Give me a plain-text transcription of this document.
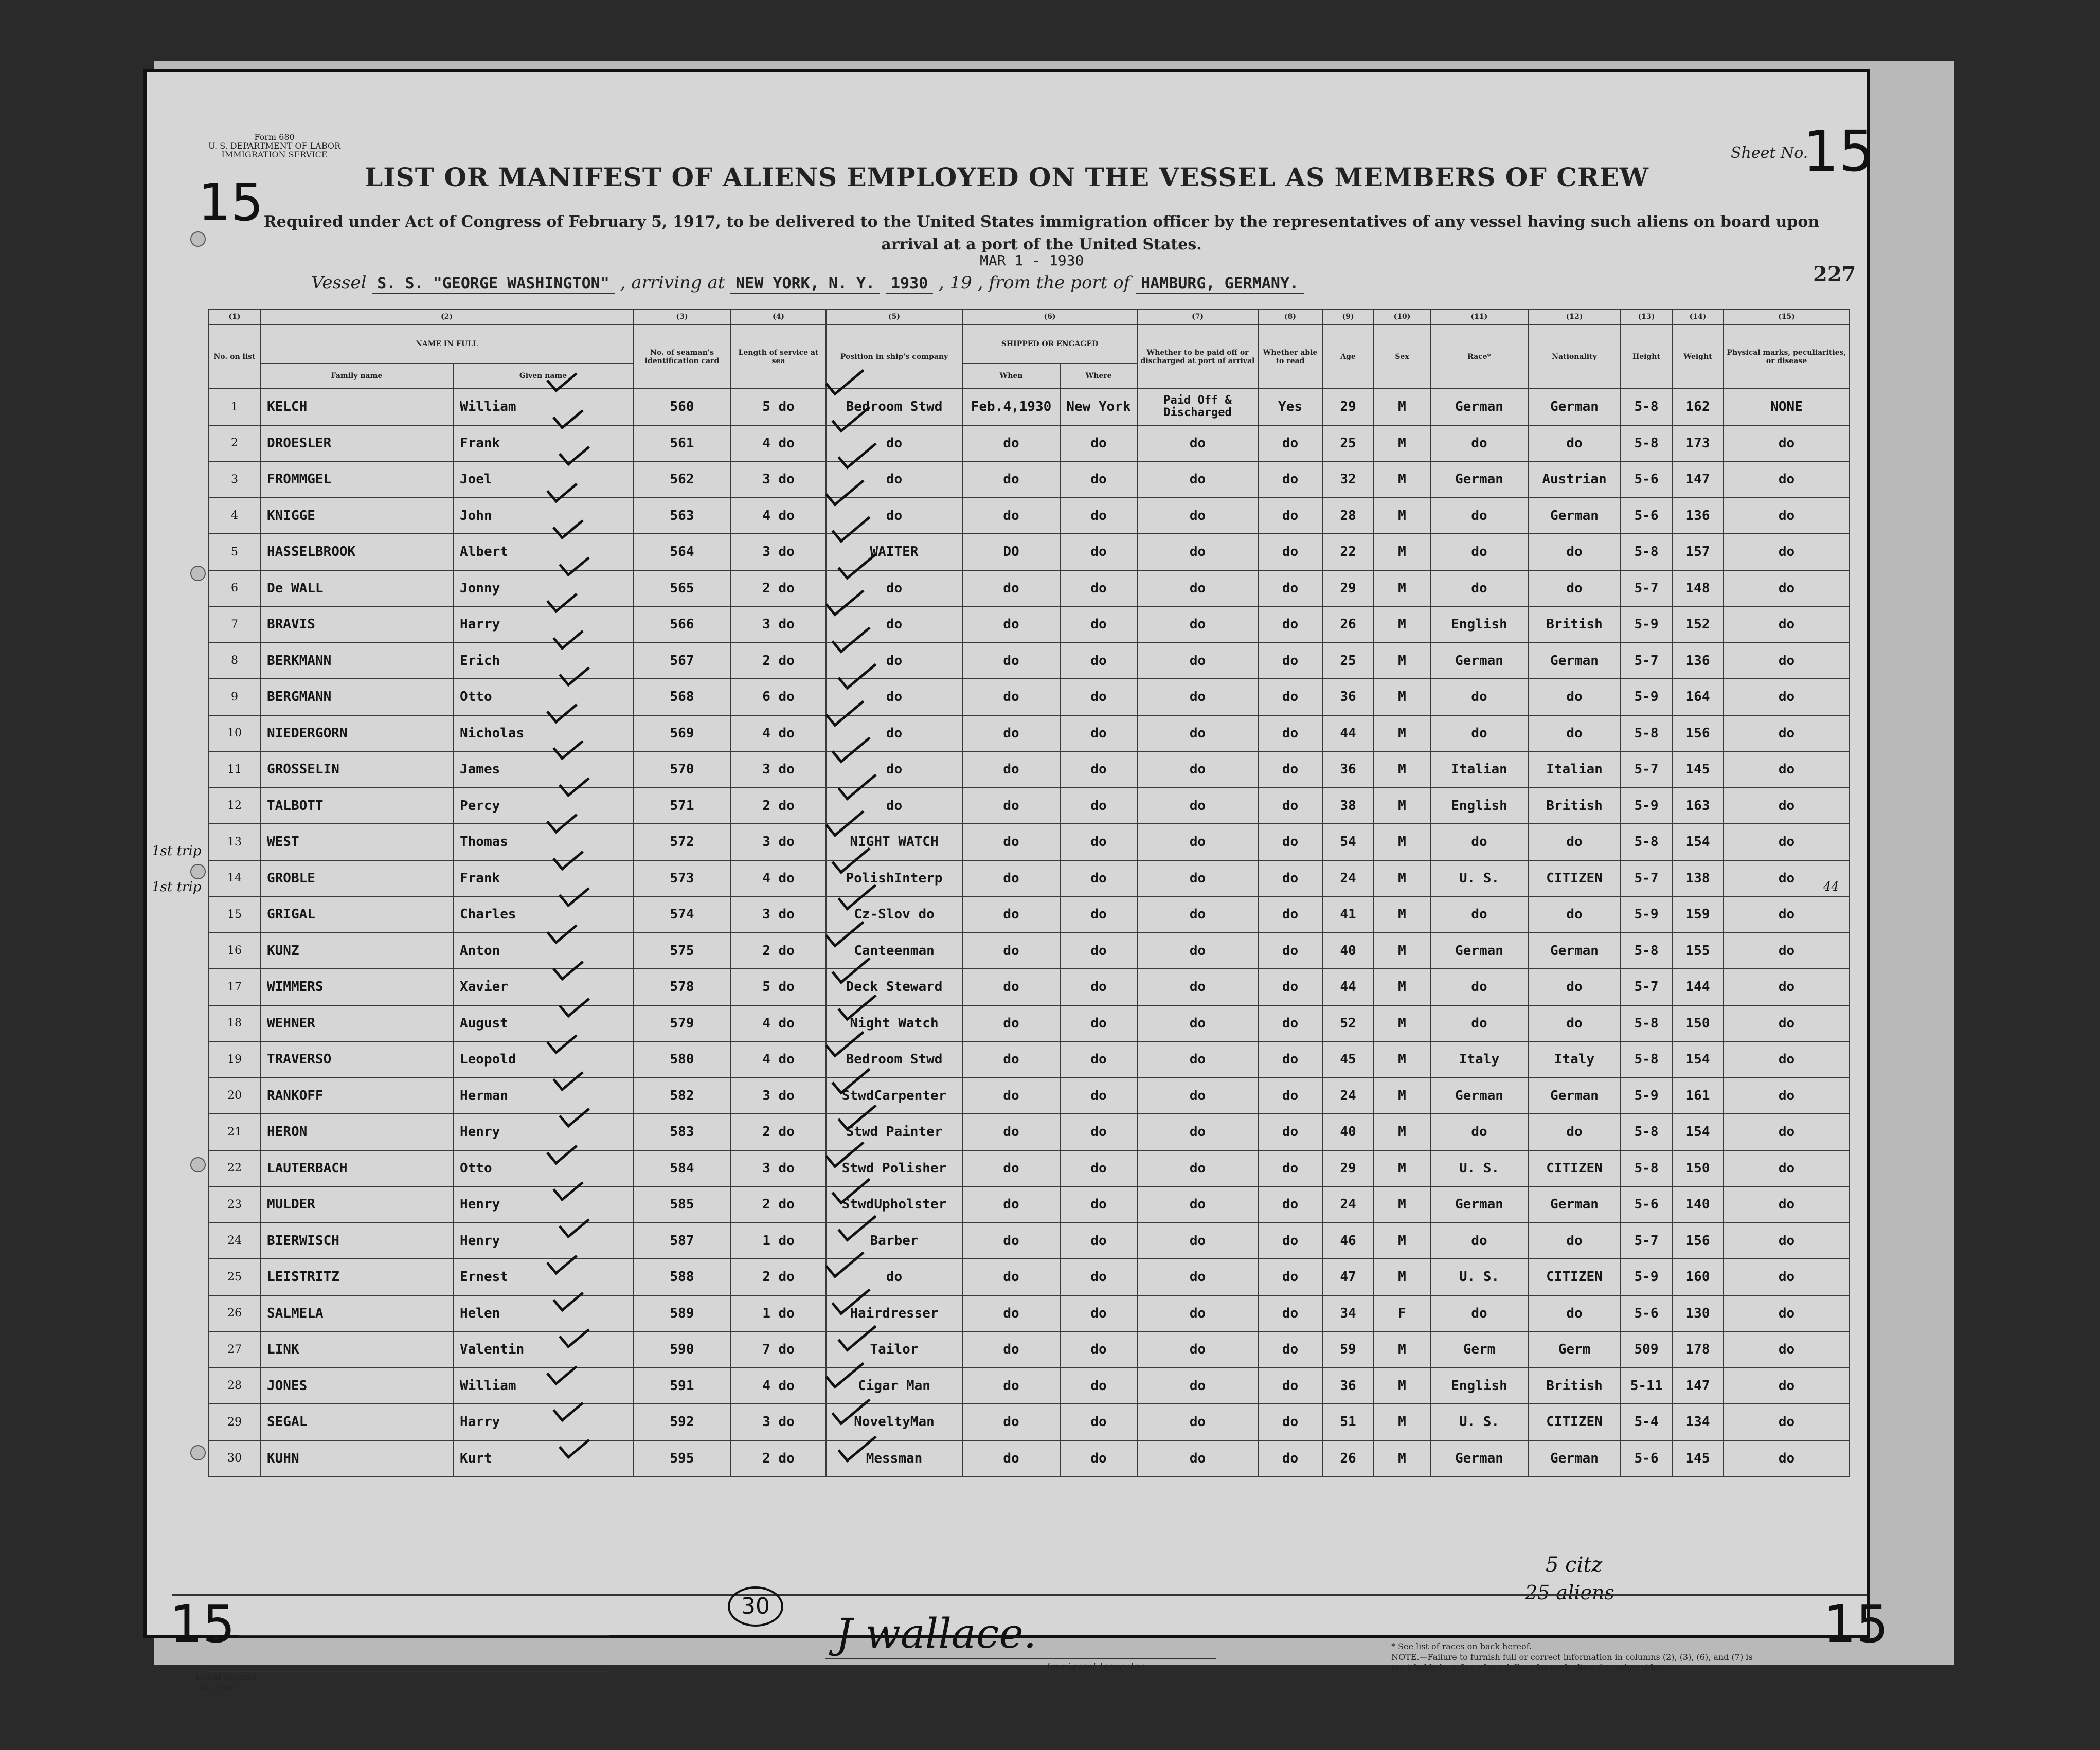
Form 680
U. S. DEPARTMENT OF LABOR
IMMIGRATION SERVICE
15	LIST OR MANIFEST OF ALIENS EMPLOYED ON THE VESSEL AS MEMBERS OF CREW
Required under Act of Congress of February 5, 1917, to be delivered to the United States immigration officer by the representatives of any vessel having such aliens on board upon arrival at a port of the United States.
Sheet No.
15
MAR 1 - 1930
Vessel S. S. "GEORGE WASHINGTON" , arriving at NEW YORK, N. Y. 1930 , 19 , from the port of HAMBURG, GERMANY.	227
(1)	(2)		(3)	(4)	(5)	(6)		(7)	(8)	(9)	(10)	(11)	(12)	(13)	(14)	(15)
No. on list	NAME IN FULL		No. of seaman's identification card	Length of service at sea	Position in ship's company	SHIPPED OR ENGAGED		Whether to be paid off or discharged at port of arrival	Whether able to read	Age	Sex	Race*	Nationality	Height	Weight	Physical marks, peculiarities, or disease
	Family name	Given name				When	Where									
1	KELCH	William	560	5 do	Bedroom Stwd	Feb.4,1930	New York	Paid Off & Discharged	Yes	29	M	German	German	5-8	162	NONE
2	DROESLER	Frank	561	4 do	do	do	do	do	do	25	M	do	do	5-8	173	do
3	FROMMGEL	Joel	562	3 do	do	do	do	do	do	32	M	German	Austrian	5-6	147	do
4	KNIGGE	John	563	4 do	do	do	do	do	do	28	M	do	German	5-6	136	do
5	HASSELBROOK	Albert	564	3 do	WAITER	DO	do	do	do	22	M	do	do	5-8	157	do
6	De WALL	Jonny	565	2 do	do	do	do	do	do	29	M	do	do	5-7	148	do
7	BRAVIS	Harry	566	3 do	do	do	do	do	do	26	M	English	British	5-9	152	do
8	BERKMANN	Erich	567	2 do	do	do	do	do	do	25	M	German	German	5-7	136	do
9	BERGMANN	Otto	568	6 do	do	do	do	do	do	36	M	do	do	5-9	164	do
10	NIEDERGORN	Nicholas	569	4 do	do	do	do	do	do	44	M	do	do	5-8	156	do
11	GROSSELIN	James	570	3 do	do	do	do	do	do	36	M	Italian	Italian	5-7	145	do
12	TALBOTT	Percy	571	2 do	do	do	do	do	do	38	M	English	British	5-9	163	do
13	WEST	Thomas	572	3 do	NIGHT WATCH	do	do	do	do	54	M	do	do	5-8	154	do
14	GROBLE	Frank	573	4 do	PolishInterp	do	do	do	do	24	M	U. S.	CITIZEN	5-7	138	do
15	GRIGAL	Charles	574	3 do	Cz-Slov do	do	do	do	do	41	M	do	do	5-9	159	do
16	KUNZ	Anton	575	2 do	Canteenman	do	do	do	do	40	M	German	German	5-8	155	do
17	WIMMERS	Xavier	578	5 do	Deck Steward	do	do	do	do	44	M	do	do	5-7	144	do
18	WEHNER	August	579	4 do	Night Watch	do	do	do	do	52	M	do	do	5-8	150	do
19	TRAVERSO	Leopold	580	4 do	Bedroom Stwd	do	do	do	do	45	M	Italy	Italy	5-8	154	do
20	RANKOFF	Herman	582	3 do	StwdCarpenter	do	do	do	do	24	M	German	German	5-9	161	do
21	HERON	Henry	583	2 do	Stwd Painter	do	do	do	do	40	M	do	do	5-8	154	do
22	LAUTERBACH	Otto	584	3 do	Stwd Polisher	do	do	do	do	29	M	U. S.	CITIZEN	5-8	150	do
23	MULDER	Henry	585	2 do	StwdUpholster	do	do	do	do	24	M	German	German	5-6	140	do
24	BIERWISCH	Henry	587	1 do	Barber	do	do	do	do	46	M	do	do	5-7	156	do
25	LEISTRITZ	Ernest	588	2 do	do	do	do	do	do	47	M	U. S.	CITIZEN	5-9	160	do
26	SALMELA	Helen	589	1 do	Hairdresser	do	do	do	do	34	F	do	do	5-6	130	do
27	LINK	Valentin	590	7 do	Tailor	do	do	do	do	59	M	Germ	Germ	509	178	do
28	JONES	William	591	4 do	Cigar Man	do	do	do	do	36	M	English	British	5-11	147	do
29	SEGAL	Harry	592	3 do	NoveltyMan	do	do	do	do	51	M	U. S.	CITIZEN	5-4	134	do
30	KUHN	Kurt	595	2 do	Messman	do	do	do	do	26	M	German	German	5-6	145	do
1st trip
1st trip	44
5 citz
25 aliens
15
Local Agents
16—1940
30
J wallace.
Immigrant Inspector.
* See list of races on back hereof.
NOTE.—Failure to furnish full or correct information in columns (2), (3), (6), and (7) is punishable by a fine of ten dollars for each alien. See other side.
15
